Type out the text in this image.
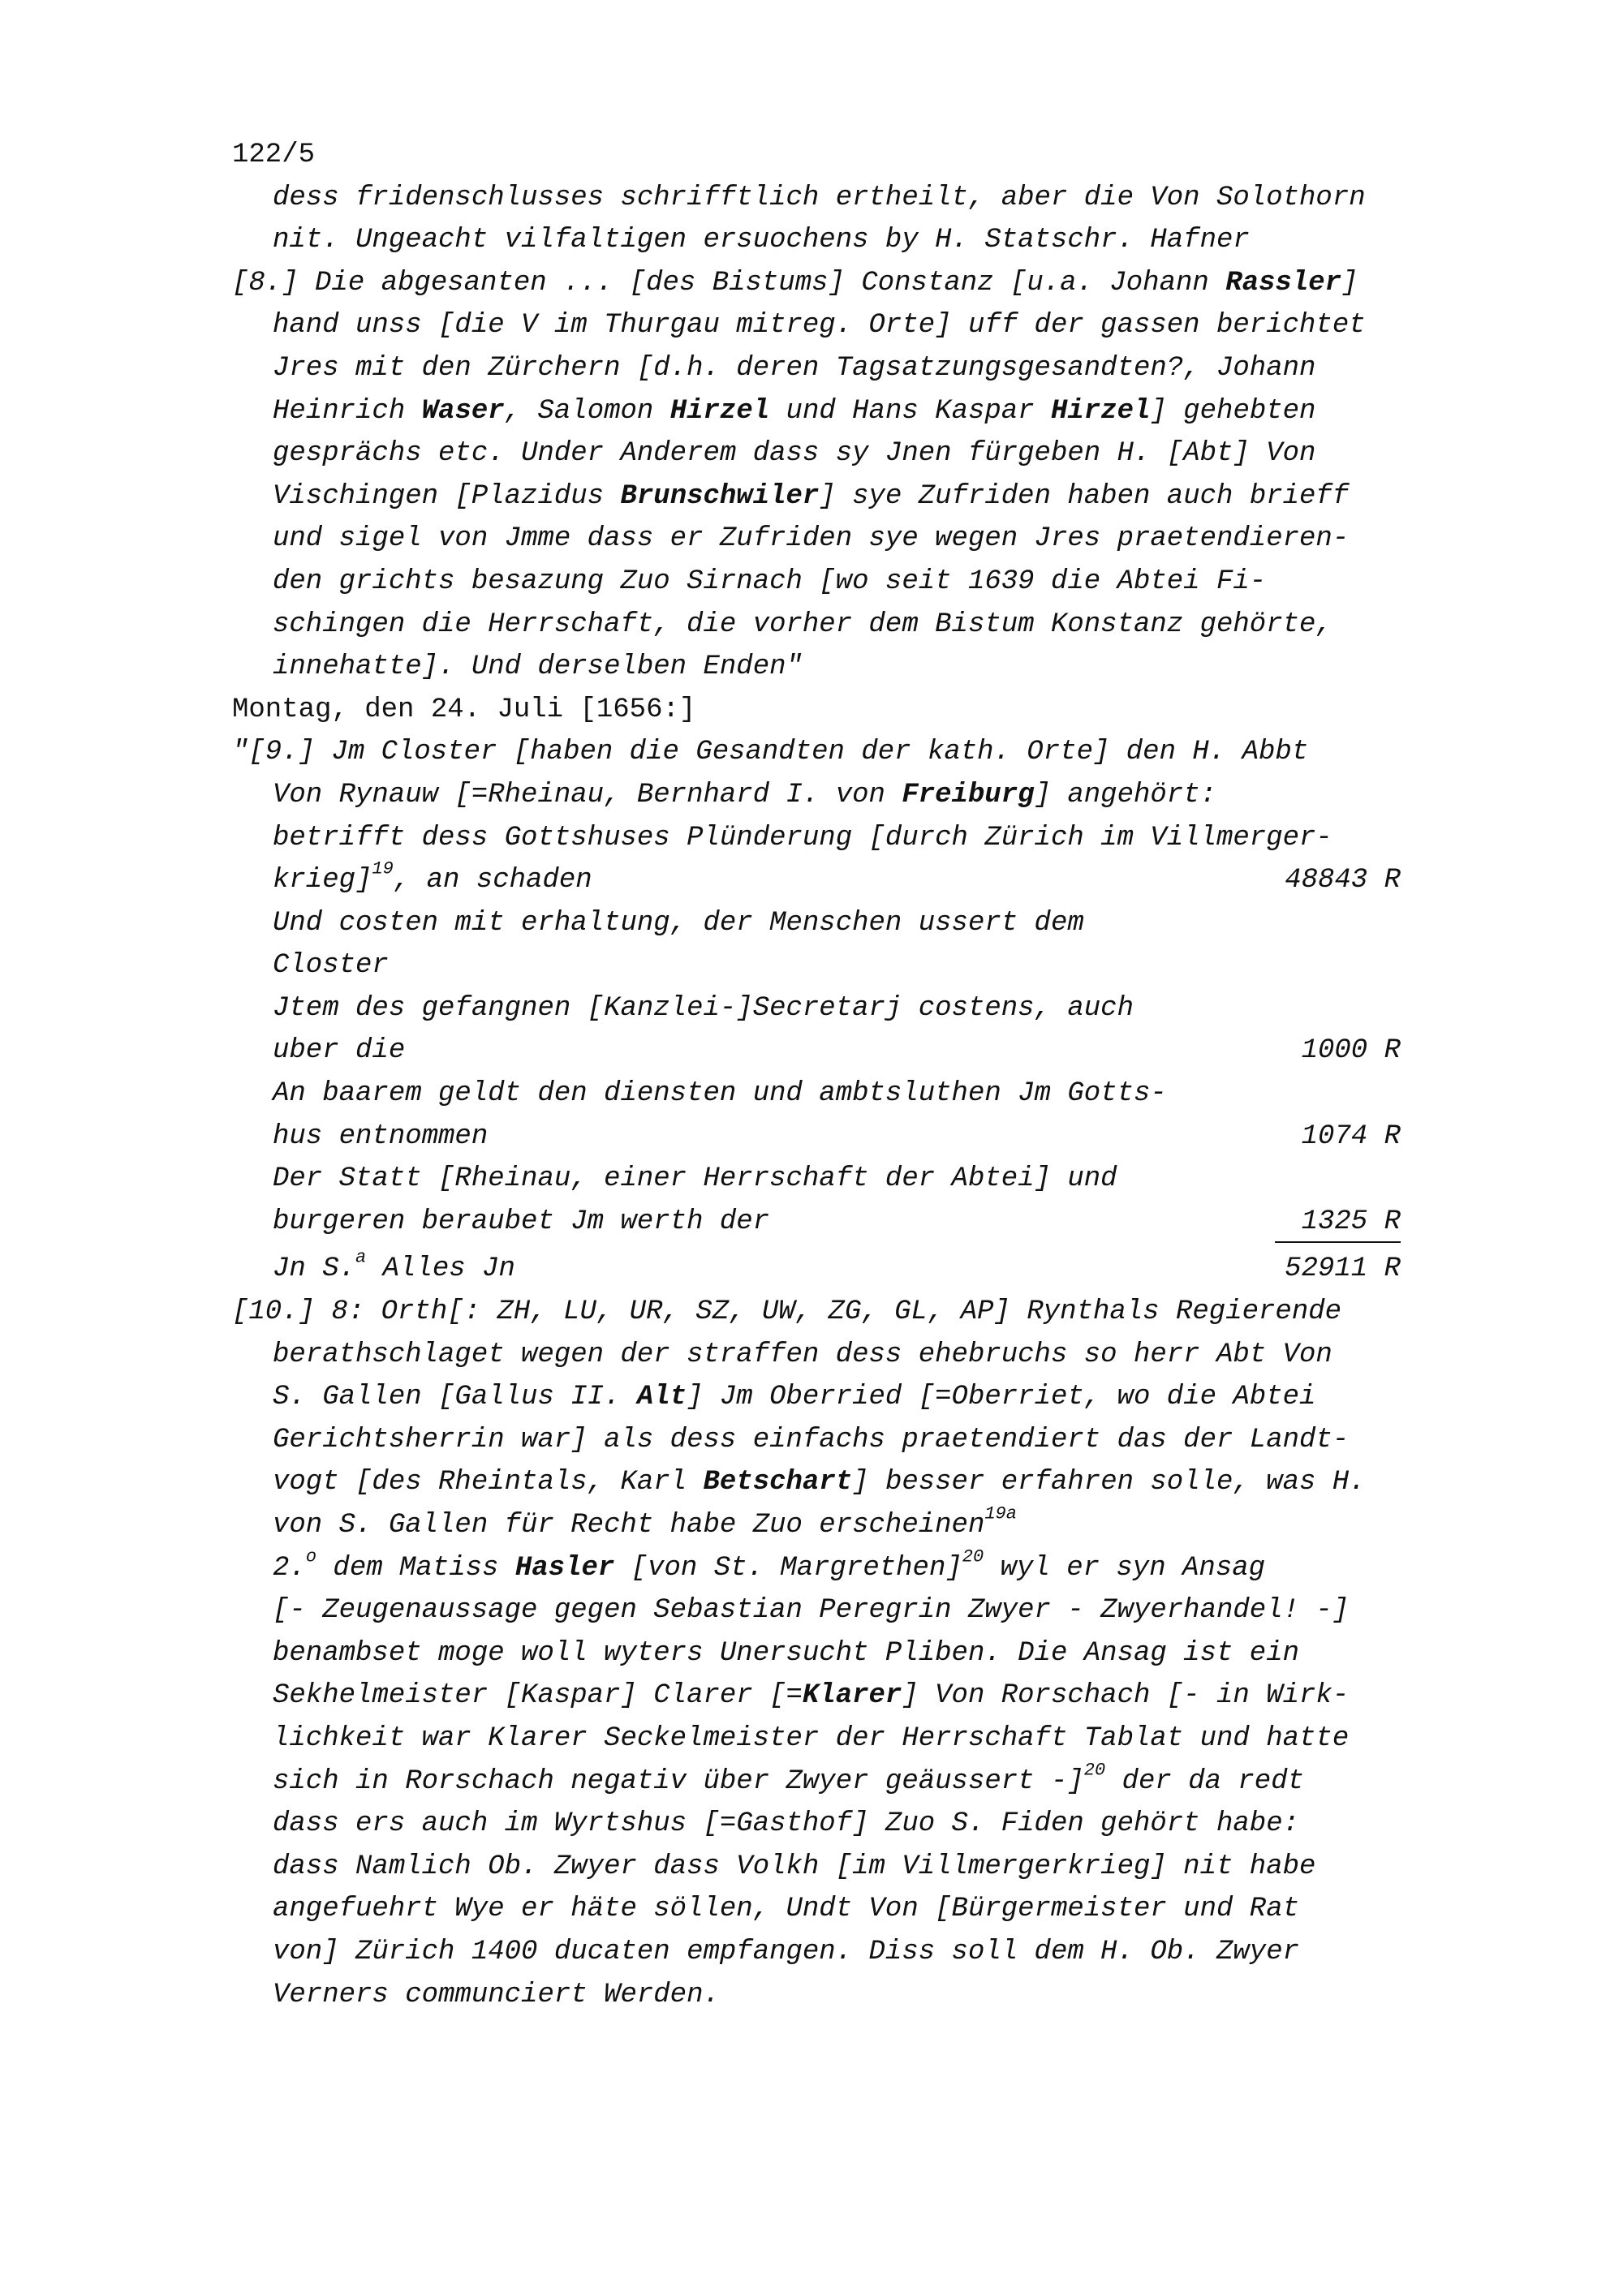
122/5
dess fridenschlusses schrifftlich ertheilt, aber die Von Solothorn
nit. Ungeacht vilfaltigen ersuochens by H. Statschr. Hafner
[8.] Die abgesanten ... [des Bistums] Constanz [u.a. Johann Rassler]
hand unss [die V im Thurgau mitreg. Orte] uff der gassen berichtet
Jres mit den Zürchern [d.h. deren Tagsatzungsgesandten?, Johann
Heinrich Waser, Salomon Hirzel und Hans Kaspar Hirzel] gehebten
gesprächs etc. Under Anderem dass sy Jnen fürgeben H. [Abt] Von
Vischingen [Plazidus Brunschwiler] sye Zufriden haben auch brieff
und sigel von Jmme dass er Zufriden sye wegen Jres praetendieren-
den grichts besazung Zuo Sirnach [wo seit 1639 die Abtei Fi-
schingen die Herrschaft, die vorher dem Bistum Konstanz gehörte,
innehatte]. Und derselben Enden"
Montag, den 24. Juli [1656:]
"[9.] Jm Closter [haben die Gesandten der kath. Orte] den H. Abbt
Von Rynauw [=Rheinau, Bernhard I. von Freiburg] angehört:
betrifft dess Gottshuses Plünderung [durch Zürich im Villmerger-
krieg]$^{19}$, an schaden	48843 R
Und costen mit erhaltung, der Menschen ussert dem
Closter
Jtem des gefangnen [Kanzlei-]Secretarj costens, auch
uber die	1000 R
An baarem geldt den diensten und ambtsluthen Jm Gotts-
hus entnommen	1074 R
Der Statt [Rheinau, einer Herrschaft der Abtei] und
burgeren beraubet Jm werth der	1325 R
Jn S.$^a$ Alles Jn	52911 R
[10.] 8: Orth[: ZH, LU, UR, SZ, UW, ZG, GL, AP] Rynthals Regierende
berathschlaget wegen der straffen dess ehebruchs so herr Abt Von
S. Gallen [Gallus II. Alt] Jm Oberried [=Oberriet, wo die Abtei
Gerichtsherrin war] als dess einfachs praetendiert das der Landt-
vogt [des Rheintals, Karl Betschart] besser erfahren solle, was H.
von S. Gallen für Recht habe Zuo erscheinen$^{19a}$
2.$^o$ dem Matiss Hasler [von St. Margrethen]$^{20}$ wyl er syn Ansag
[- Zeugenaussage gegen Sebastian Peregrin Zwyer - Zwyerhandel! -]
benambset moge woll wyters Unersucht Pliben. Die Ansag ist ein
Sekhelmeister [Kaspar] Clarer [=Klarer] Von Rorschach [- in Wirk-
lichkeit war Klarer Seckelmeister der Herrschaft Tablat und hatte
sich in Rorschach negativ über Zwyer geäussert -]$^{20}$ der da redt
dass ers auch im Wyrtshus [=Gasthof] Zuo S. Fiden gehört habe:
dass Namlich Ob. Zwyer dass Volkh [im Villmergerkrieg] nit habe
angefuehrt Wye er häte söllen, Undt Von [Bürgermeister und Rat
von] Zürich 1400 ducaten empfangen. Diss soll dem H. Ob. Zwyer
Verners communciert Werden.
